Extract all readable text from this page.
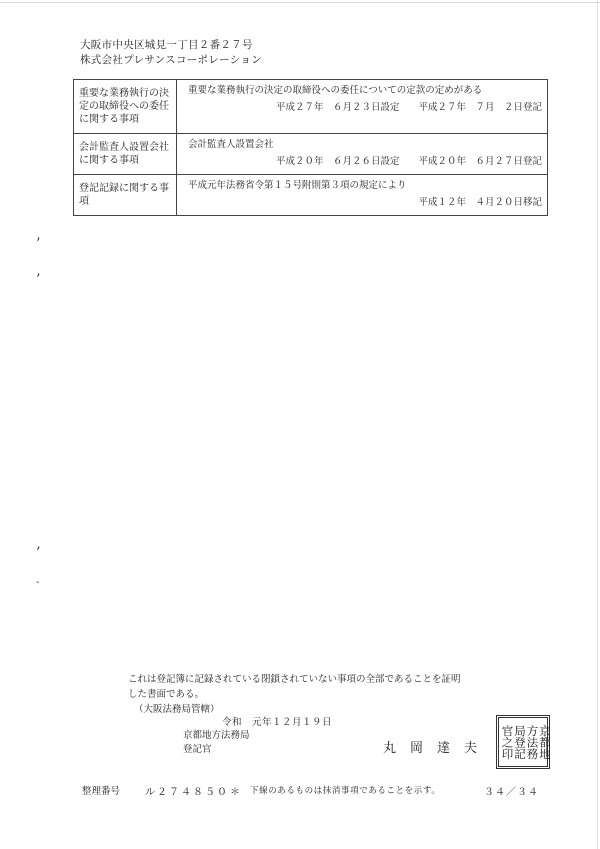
大阪市中央区城見一丁目２番２７号
株式会社プレサンスコーポレーション
重要な業務執行の決定の取締役への委任に関する事項	重要な業務執行の決定の取締役への委任についての定款の定めがある
平成２７年　６月２３日設定　　平成２７年　７月　２日登記

会計監査人設置会社に関する事項	会計監査人設置会社
平成２０年　６月２６日設定　　平成２０年　６月２７日登記

登記記録に関する事項	平成元年法務省令第１５号附則第３項の規定により
平成１２年　４月２０日移記
’
’
’
-
これは登記簿に記録されている閉鎖されていない事項の全部であることを証明
した書面である。
（大阪法務局管轄）
令和　元年１２月１９日
京都地方法務局
登記官	丸岡達夫	局登記官之印	京都地方法務
整理番号 ル２７４８５０ ＊ 下線のあるものは抹消事項であることを示す。	３４／３４
